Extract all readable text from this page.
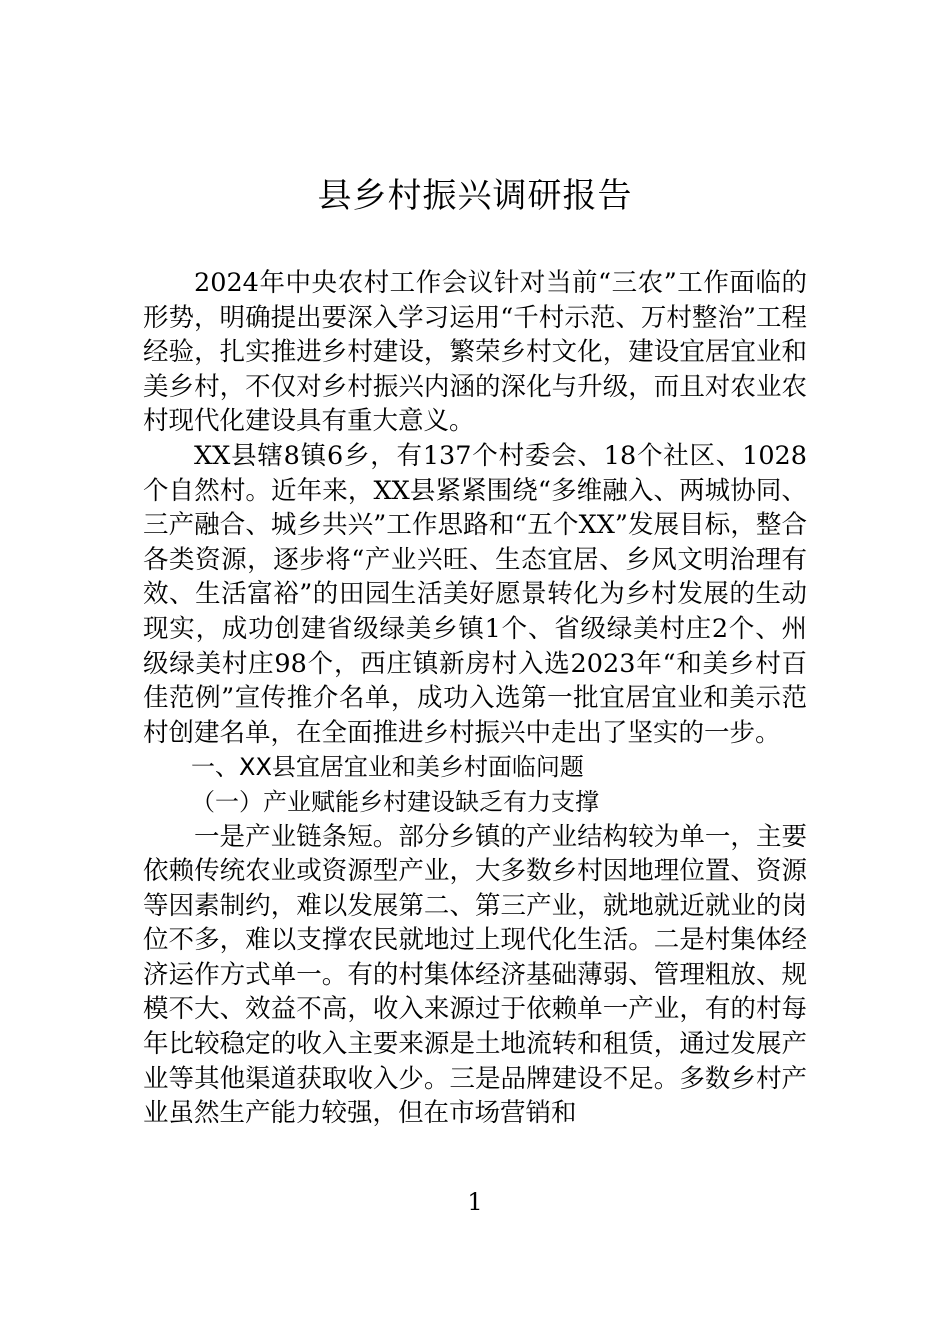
县乡村振兴调研报告

2024年中央农村工作会议针对当前“三农”工作面临的形势，明确提出要深入学习运用“千村示范、万村整治”工程经验，扎实推进乡村建设，繁荣乡村文化，建设宜居宜业和美乡村，不仅对乡村振兴内涵的深化与升级，而且对农业农村现代化建设具有重大意义。

XX县辖8镇6乡，有137个村委会、18个社区、1028个自然村。近年来，XX县紧紧围绕“多维融入、两城协同、三产融合、城乡共兴”工作思路和“五个XX”发展目标，整合各类资源，逐步将“产业兴旺、生态宜居、乡风文明治理有效、生活富裕”的田园生活美好愿景转化为乡村发展的生动现实，成功创建省级绿美乡镇1个、省级绿美村庄2个、州级绿美村庄98个，西庄镇新房村入选2023年“和美乡村百佳范例”宣传推介名单，成功入选第一批宜居宜业和美示范村创建名单，在全面推进乡村振兴中走出了坚实的一步。

一、XX县宜居宜业和美乡村面临问题

（一）产业赋能乡村建设缺乏有力支撑

一是产业链条短。部分乡镇的产业结构较为单一，主要依赖传统农业或资源型产业，大多数乡村因地理位置、资源等因素制约，难以发展第二、第三产业，就地就近就业的岗位不多，难以支撑农民就地过上现代化生活。二是村集体经济运作方式单一。有的村集体经济基础薄弱、管理粗放、规模不大、效益不高，收入来源过于依赖单一产业，有的村每年比较稳定的收入主要来源是土地流转和租赁，通过发展产业等其他渠道获取收入少。三是品牌建设不足。多数乡村产业虽然生产能力较强，但在市场营销和

1
